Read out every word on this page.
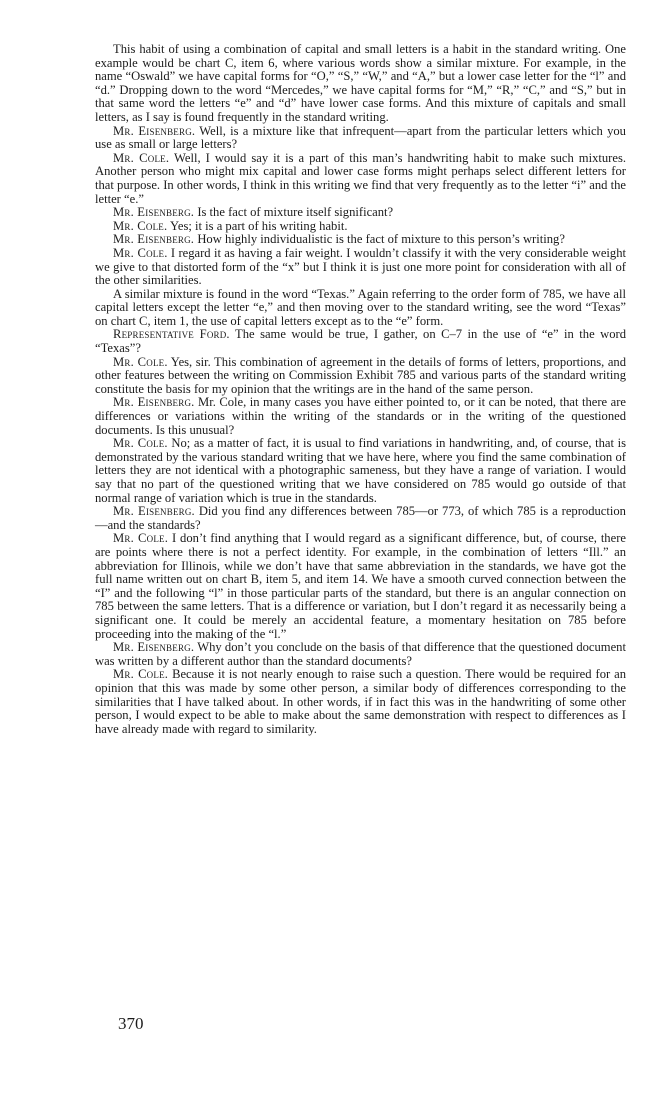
This habit of using a combination of capital and small letters is a habit in the standard writing. One example would be chart C, item 6, where various words show a similar mixture. For example, in the name “Oswald” we have capital forms for “O,” “S,” “W,” and “A,” but a lower case letter for the “l” and “d.” Dropping down to the word “Mercedes,” we have capital forms for “M,” “R,” “C,” and “S,” but in that same word the letters “e” and “d” have lower case forms. And this mixture of capitals and small letters, as I say is found frequently in the standard writing.

Mr. Eisenberg. Well, is a mixture like that infrequent—apart from the particular letters which you use as small or large letters?

Mr. Cole. Well, I would say it is a part of this man’s handwriting habit to make such mixtures. Another person who might mix capital and lower case forms might perhaps select different letters for that purpose. In other words, I think in this writing we find that very frequently as to the letter “i” and the letter “e.”

Mr. Eisenberg. Is the fact of mixture itself significant?

Mr. Cole. Yes; it is a part of his writing habit.

Mr. Eisenberg. How highly individualistic is the fact of mixture to this person’s writing?

Mr. Cole. I regard it as having a fair weight. I wouldn’t classify it with the very considerable weight we give to that distorted form of the “x” but I think it is just one more point for consideration with all of the other similarities.

A similar mixture is found in the word “Texas.” Again referring to the order form of 785, we have all capital letters except the letter “e,” and then moving over to the standard writing, see the word “Texas” on chart C, item 1, the use of capital letters except as to the “e” form.

Representative Ford. The same would be true, I gather, on C–7 in the use of “e” in the word “Texas”?

Mr. Cole. Yes, sir. This combination of agreement in the details of forms of letters, proportions, and other features between the writing on Commission Exhibit 785 and various parts of the standard writing constitute the basis for my opinion that the writings are in the hand of the same person.

Mr. Eisenberg. Mr. Cole, in many cases you have either pointed to, or it can be noted, that there are differences or variations within the writing of the standards or in the writing of the questioned documents. Is this unusual?

Mr. Cole. No; as a matter of fact, it is usual to find variations in handwriting, and, of course, that is demonstrated by the various standard writing that we have here, where you find the same combination of letters they are not identical with a photographic sameness, but they have a range of variation. I would say that no part of the questioned writing that we have considered on 785 would go outside of that normal range of variation which is true in the standards.

Mr. Eisenberg. Did you find any differences between 785—or 773, of which 785 is a reproduction—and the standards?

Mr. Cole. I don’t find anything that I would regard as a significant difference, but, of course, there are points where there is not a perfect identity. For example, in the combination of letters “Ill.” an abbreviation for Illinois, while we don’t have that same abbreviation in the standards, we have got the full name written out on chart B, item 5, and item 14. We have a smooth curved connection between the “I” and the following “l” in those particular parts of the standard, but there is an angular connection on 785 between the same letters. That is a difference or variation, but I don’t regard it as necessarily being a significant one. It could be merely an accidental feature, a momentary hesitation on 785 before proceeding into the making of the “l.”

Mr. Eisenberg. Why don’t you conclude on the basis of that difference that the questioned document was written by a different author than the standard documents?

Mr. Cole. Because it is not nearly enough to raise such a question. There would be required for an opinion that this was made by some other person, a similar body of differences corresponding to the similarities that I have talked about. In other words, if in fact this was in the handwriting of some other person, I would expect to be able to make about the same demonstration with respect to differences as I have already made with regard to similarity.

370
